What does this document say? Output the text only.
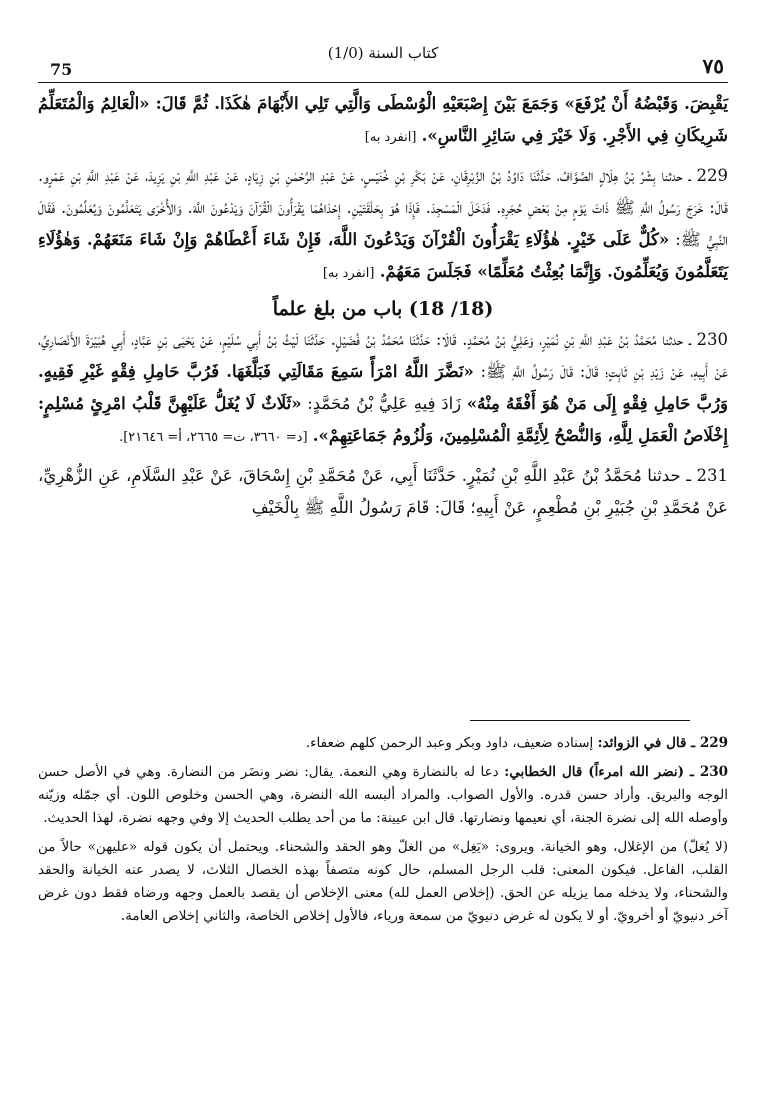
75
(1/0) كتاب السنة
٧٥

يَقْبِضَ. وَقَبْضُهُ أَنْ يُرْفَعَ» وَجَمَعَ بَيْنَ إِصْبَعَيْهِ الْوُسْطَى وَالَّتِي تَلِي الأَبْهَامَ هٰكَذَا. ثُمَّ قَالَ: «الْعَالِمُ وَالْمُتَعَلِّمُ شَرِيكَانِ فِي الأَجْرِ. وَلَا خَيْرَ فِي سَائِرِ النَّاسِ». [انفرد به]

229 ـ حدثنا بِشْرُ بْنُ هِلَالٍ الصَّوَّافُ، حَدَّثَنَا دَاوُدُ بْنُ الزِّبْرِقَانِ، عَنْ بَكْرِ بْنِ خُنَيْسٍ، عَنْ عَبْدِ الرَّحْمٰنِ بْنِ زِيَادٍ، عَنْ عَبْدِ اللَّهِ بْنِ يَزِيدَ، عَنْ عَبْدِ اللَّهِ بْنِ عَمْرٍو. قَالَ: خَرَجَ رَسُولُ اللَّهِ ﷺ ذَاتَ يَوْمٍ مِنْ بَعْضِ حُجَرِهِ. فَدَخَلَ الْمَسْجِدَ. فَإِذَا هُوَ بِحَلْقَتَيْنِ. إِحْدَاهُمَا يَقْرَأُونَ الْقُرْآنَ وَيَدْعُونَ اللَّهَ. وَالأُخْرَى يَتَعَلَّمُونَ وَيُعَلِّمُونَ. فَقَالَ النَّبِيُّ ﷺ: «كُلٌّ عَلَى خَيْرٍ. هٰؤُلَاءِ يَقْرَأُونَ الْقُرْآنَ وَيَدْعُونَ اللَّهَ، فَإِنْ شَاءَ أَعْطَاهُمْ وَإِنْ شَاءَ مَنَعَهُمْ. وَهٰؤُلَاءِ يَتَعَلَّمُونَ وَيُعَلِّمُونَ. وَإِنَّمَا بُعِثْتُ مُعَلِّمًا» فَجَلَسَ مَعَهُمْ. [انفرد به]

(18/ 18) باب من بلغ علماً

230 ـ حدثنا مُحَمَّدُ بْنُ عَبْدِ اللَّهِ بْنِ نُمَيْرٍ، وَعَلِيُّ بْنُ مُحَمَّدٍ. قَالَا: حَدَّثَنَا مُحَمَّدُ بْنُ فُضَيْلٍ. حَدَّثَنَا لَيْثُ بْنُ أَبِي سُلَيْمٍ، عَنْ يَحْيَى بْنِ عَبَّادٍ، أَبِي هُبَيْرَةَ الأَنْصَارِيِّ، عَنْ أَبِيهِ، عَنْ زَيْدِ بْنِ ثَابِتٍ؛ قَالَ: قَالَ رَسُولُ اللَّهِ ﷺ: «نَضَّرَ اللَّهُ امْرَأً سَمِعَ مَقَالَتِي فَبَلَّغَهَا. فَرُبَّ حَامِلِ فِقْهٍ غَيْرِ فَقِيهٍ. وَرُبَّ حَامِلِ فِقْهٍ إِلَى مَنْ هُوَ أَفْقَهُ مِنْهُ» زَادَ فِيهِ عَلِيُّ بْنُ مُحَمَّدٍ: «ثَلَاثٌ لَا يُغَلُّ عَلَيْهِنَّ قَلْبُ امْرِئٍ مُسْلِمٍ: إِخْلَاصُ الْعَمَلِ لِلَّهِ، وَالنُّصْحُ لِأَئِمَّةِ الْمُسْلِمِينَ، وَلُزُومُ جَمَاعَتِهِمْ». [د= ٣٦٦٠، ت= ٢٦٦٥، أ= ٢١٦٤٦].

231 ـ حدثنا مُحَمَّدُ بْنُ عَبْدِ اللَّهِ بْنِ نُمَيْرٍ. حَدَّثَنَا أَبِي، عَنْ مُحَمَّدِ بْنِ إِسْحَاقَ، عَنْ عَبْدِ السَّلَامِ، عَنِ الزُّهْرِيِّ، عَنْ مُحَمَّدِ بْنِ جُبَيْرِ بْنِ مُطْعِمٍ، عَنْ أَبِيهِ؛ قَالَ: قَامَ رَسُولُ اللَّهِ ﷺ بِالْخَيْفِ

229 ـ قال في الزوائد: إسناده ضعيف، داود وبكر وعبد الرحمن كلهم ضعفاء.

230 ـ (نضر الله امرءاً) قال الخطابي: دعا له بالنضارة وهي النعمة. يقال: نضر ونضَر من النضارة. وهي في الأصل حسن الوجه والبريق. وأراد حسن قدره. والأول الصواب. والمراد ألبسه الله النضرة، وهي الحسن وخلوص اللون. أي جمّله وزيّنه وأوصله الله إلى نضرة الجنة، أي نعيمها ونضارتها. قال ابن عيينة: ما من أحد يطلب الحديث إلا وفي وجهه نضرة، لهذا الحديث.

(لا يُغلّ) من الإغلال، وهو الخيانة. ويروى: «يَغِل» من الغلّ وهو الحقد والشحناء. ويحتمل أن يكون قوله «عليهن» حالاً من القلب، الفاعل. فيكون المعنى: قلب الرجل المسلم، حال كونه متصفاً بهذه الخصال الثلاث، لا يصدر عنه الخيانة والحقد والشحناء، ولا يدخله مما يزيله عن الحق. (إخلاص العمل لله) معنى الإخلاص أن يقصد بالعمل وجهه ورضاه فقط دون غرض آخر دنيويّ أو أخرويّ. أو لا يكون له غرض دنيويّ من سمعة ورياء، فالأول إخلاص الخاصة، والثاني إخلاص العامة.
